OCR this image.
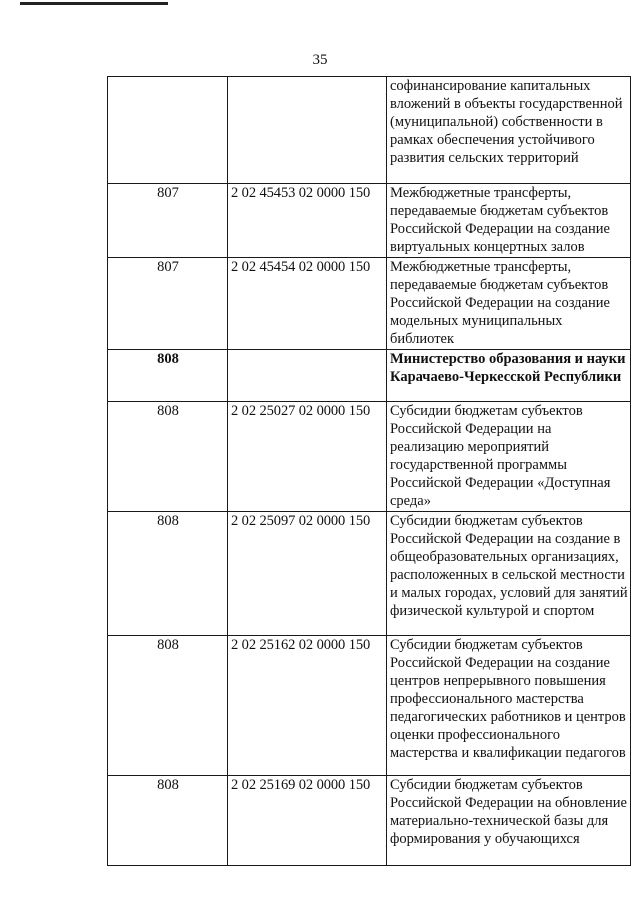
35
		софинансирование капитальных вложений в объекты государственной (муниципальной) собственности в рамках обеспечения устойчивого развития сельских территорий
807	2 02 45453 02 0000 150	Межбюджетные трансферты, передаваемые бюджетам субъектов Российской Федерации на создание виртуальных концертных залов
807	2 02 45454 02 0000 150	Межбюджетные трансферты, передаваемые бюджетам субъектов Российской Федерации на создание модельных муниципальных библиотек
808		Министерство образования и науки Карачаево-Черкесской Республики
808	2 02 25027 02 0000 150	Субсидии бюджетам субъектов Российской Федерации на реализацию мероприятий государственной программы Российской Федерации «Доступная среда»
808	2 02 25097 02 0000 150	Субсидии бюджетам субъектов Российской Федерации на создание в общеобразовательных организациях, расположенных в сельской местности и малых городах, условий для занятий физической культурой и спортом
808	2 02 25162 02 0000 150	Субсидии бюджетам субъектов Российской Федерации на создание центров непрерывного повышения профессионального мастерства педагогических работников и центров оценки профессионального мастерства и квалификации педагогов
808	2 02 25169 02 0000 150	Субсидии бюджетам субъектов Российской Федерации на обновление материально-технической базы для формирования у обучающихся
